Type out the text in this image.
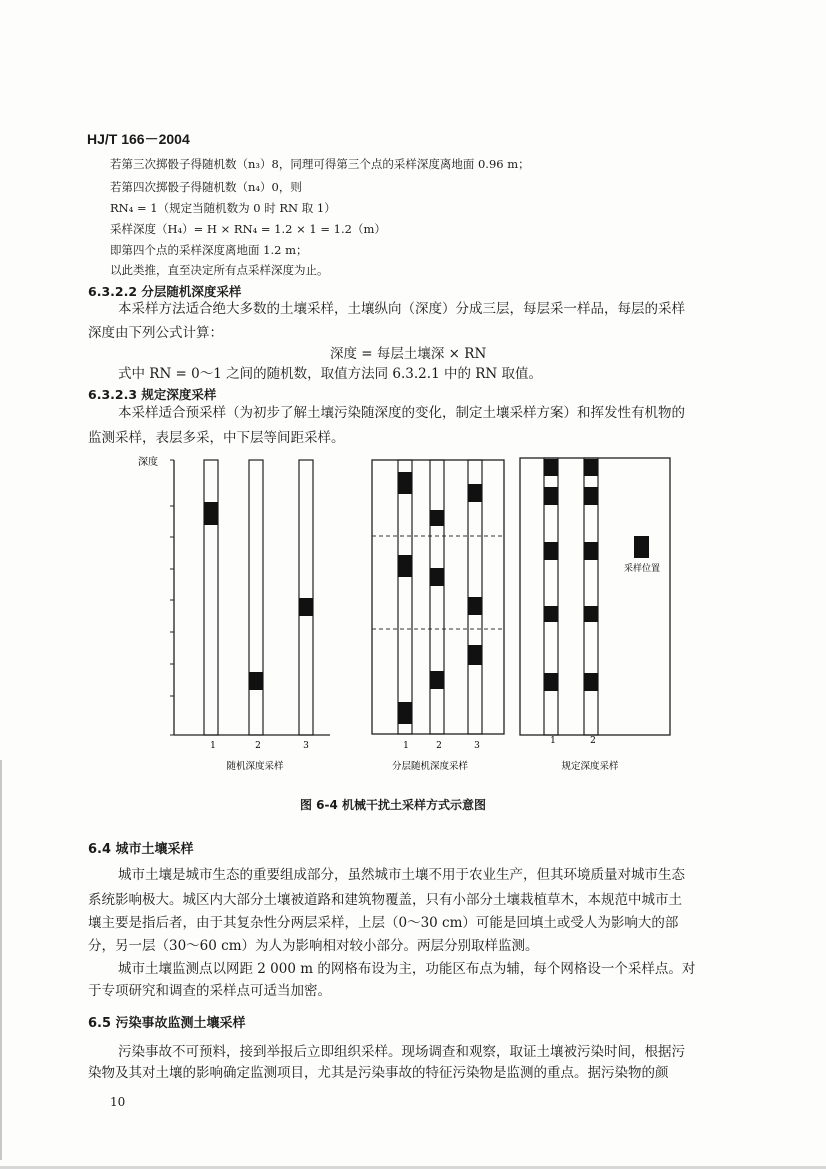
HJ/T 166－2004
若第三次掷骰子得随机数（n₃）8，同理可得第三个点的采样深度离地面 0.96 m；
若第四次掷骰子得随机数（n₄）0，则
RN₄ = 1（规定当随机数为 0 时 RN 取 1）
采样深度（H₄）= H × RN₄ = 1.2 × 1 = 1.2（m）
即第四个点的采样深度离地面 1.2 m；
以此类推，直至决定所有点采样深度为止。
6.3.2.2 分层随机深度采样
本采样方法适合绝大多数的土壤采样，土壤纵向（深度）分成三层，每层采一样品，每层的采样
深度由下列公式计算：
深度 = 每层土壤深 × RN
式中 RN = 0～1 之间的随机数，取值方法同 6.3.2.1 中的 RN 取值。
6.3.2.3 规定深度采样
本采样适合预采样（为初步了解土壤污染随深度的变化，制定土壤采样方案）和挥发性有机物的
监测采样，表层多采，中下层等间距采样。
深度
1	2	3
随机深度采样
1	2	3
分层随机深度采样
采样位置
1	2
规定深度采样
图 6-4 机械干扰土采样方式示意图
6.4 城市土壤采样
城市土壤是城市生态的重要组成部分，虽然城市土壤不用于农业生产，但其环境质量对城市生态
系统影响极大。城区内大部分土壤被道路和建筑物覆盖，只有小部分土壤栽植草木，本规范中城市土
壤主要是指后者，由于其复杂性分两层采样，上层（0～30 cm）可能是回填土或受人为影响大的部
分，另一层（30～60 cm）为人为影响相对较小部分。两层分别取样监测。
城市土壤监测点以网距 2 000 m 的网格布设为主，功能区布点为辅，每个网格设一个采样点。对
于专项研究和调查的采样点可适当加密。
6.5 污染事故监测土壤采样
污染事故不可预料，接到举报后立即组织采样。现场调查和观察，取证土壤被污染时间，根据污
染物及其对土壤的影响确定监测项目，尤其是污染事故的特征污染物是监测的重点。据污染物的颜
10
